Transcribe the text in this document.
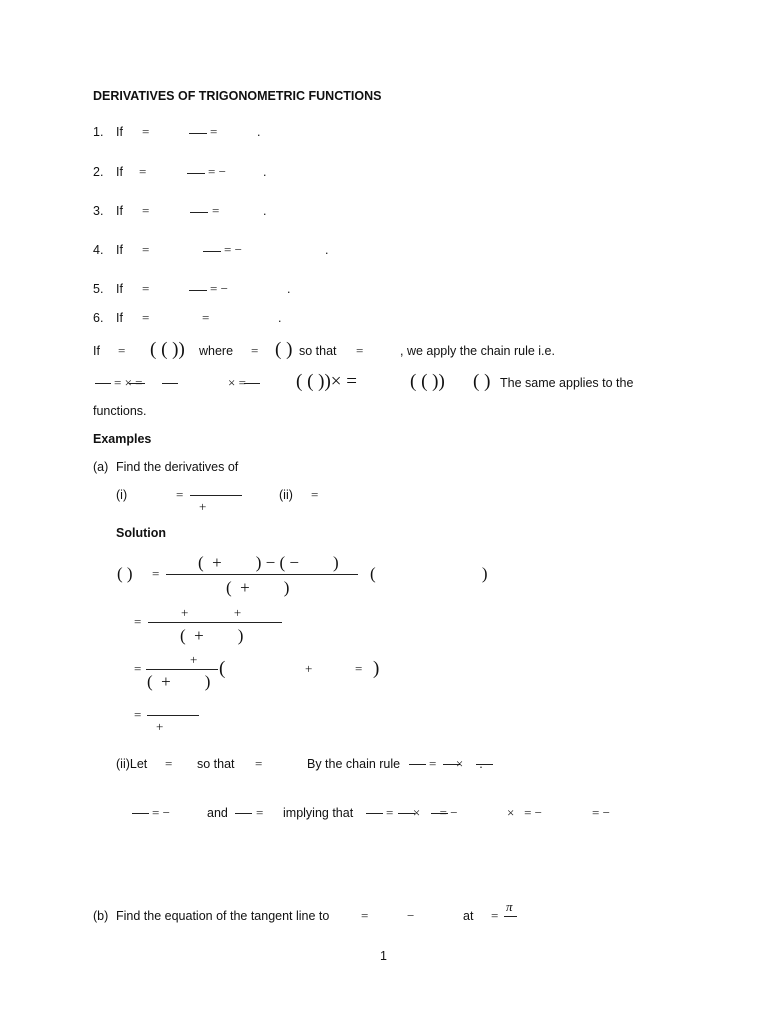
DERIVATIVES OF TRIGONOMETRIC FUNCTIONS
1. If =	=	.
2. If =	= −	.
3. If =	=	.
4. If =	= −	.
5. If =	= −	.
6. If =	=	.
If = ( ( )) where = ( ) so that =	, we apply the chain rule i.e.
= × =	× =	( ( ))× =	( ( )) ( ) The same applies to the
functions.
Examples
(a) Find the derivatives of
(i)	=
+
(ii) =
Solution
( ) =
(  +        ) − ( −        )
(  +        )
(                         )
=
+              +
(  +        )
=
+
(  +        )
(	+	= )
=
+
(ii)Let = so that =	By the chain rule =      ×     .
= −	and = implying that	=      ×      = −	×   = −	= −
(b) Find the equation of the tangent line to =	−	at =
π
1
